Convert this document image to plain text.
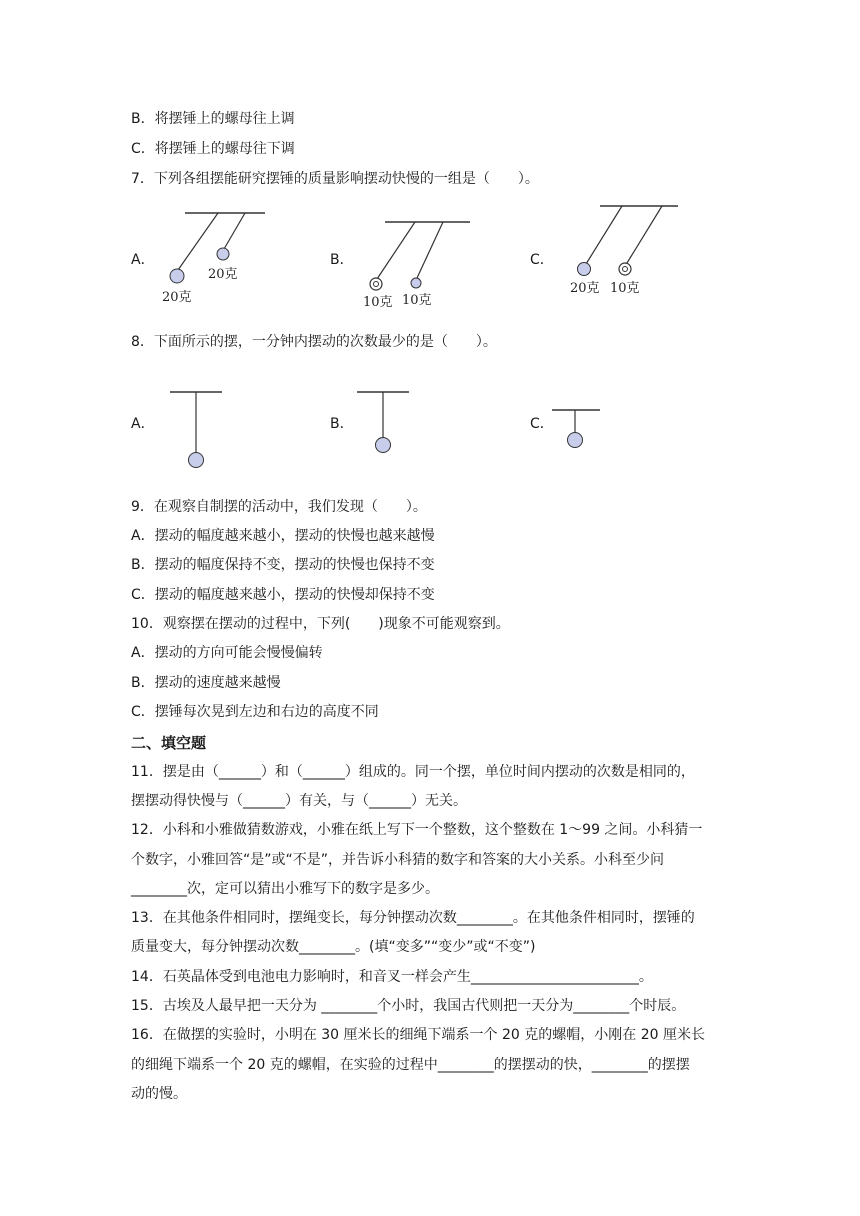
B．将摆锤上的螺母往上调
C．将摆锤上的螺母往下调
7．下列各组摆能研究摆锤的质量影响摆动快慢的一组是（　　）。
A．	B．	C．
20克
20克
10克 10克
20克 10克
8．下面所示的摆，一分钟内摆动的次数最少的是（　　）。
A．	B．	C．
9．在观察自制摆的活动中，我们发现（　　）。
A．摆动的幅度越来越小，摆动的快慢也越来越慢
B．摆动的幅度保持不变，摆动的快慢也保持不变
C．摆动的幅度越来越小，摆动的快慢却保持不变
10．观察摆在摆动的过程中，下列(　　)现象不可能观察到。
A．摆动的方向可能会慢慢偏转
B．摆动的速度越来越慢
C．摆锤每次晃到左边和右边的高度不同
二、填空题
11．摆是由（______）和（______）组成的。同一个摆，单位时间内摆动的次数是相同的，
摆摆动得快慢与（______）有关，与（______）无关。
12．小科和小雅做猜数游戏，小雅在纸上写下一个整数，这个整数在 1～99 之间。小科猜一
个数字，小雅回答“是”或“不是”，并告诉小科猜的数字和答案的大小关系。小科至少问
________次，定可以猜出小雅写下的数字是多少。
13．在其他条件相同时，摆绳变长，每分钟摆动次数________。在其他条件相同时，摆锤的
质量变大，每分钟摆动次数________。(填“变多”“变少”或“不变”)
14．石英晶体受到电池电力影响时，和音叉一样会产生________________________。
15．古埃及人最早把一天分为 ________个小时，我国古代则把一天分为________个时辰。
16．在做摆的实验时，小明在 30 厘米长的细绳下端系一个 20 克的螺帽，小刚在 20 厘米长
的细绳下端系一个 20 克的螺帽，在实验的过程中________的摆摆动的快，________的摆摆
动的慢。
